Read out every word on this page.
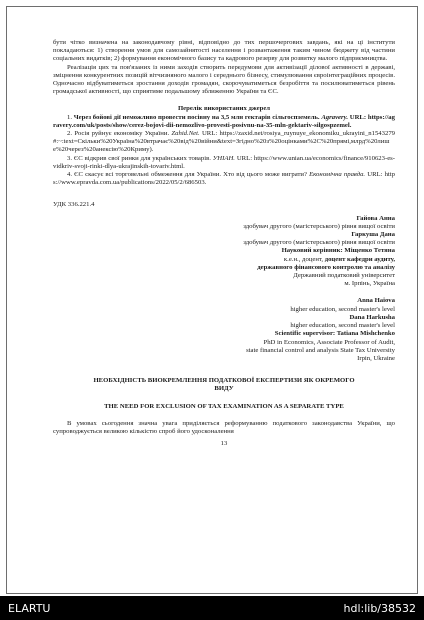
бути чітко визначена на законодавчому рівні, відповідно до тих першочергових завдань, які на ці інститути покладаються: 1) створення умов для самозайнятості населення і розвантаження таким чином бюджету від частини соціальних видатків; 2) формування економічного базису та кадрового резерву для розвитку малого підприємництва.

Реалізація цих та пов'язаних із ними заходів створить передумови для активізації ділової активності в державі, зміцнення конкурентних позицій вітчизняного малого і середнього бізнесу, стимулювання євроінтеграційних процесів. Одночасно відбуватиметься зростання доходів громадян, скорочуватиметься безробіття та посилюватиметься рівень громадської активності, що сприятиме подальшому зближенню України та ЄС.

Перелік використаних джерел

1. Через бойові дії неможливо провести посівну на 3,5 млн гектарів сільгоспземель. Agravery. URL: https://agravery.com/uk/posts/show/cerez-bojovi-dii-nemozlivo-provesti-posivnu-na-35-mln-gektariv-silgospzemel.

2. Росія руйнує економіку України. Zahid.Net. URL: https://zaxid.net/rosiya_ruynuye_ekonomiku_ukrayini_n1543279#:~:text=Скільки%20Україна%20втрачає%20від%20війни&text=Згідно%20з%20оцінками%2C%20прямі,млрд%20лише%20через%20анексію%20Криму).

3. ЄС відкрив свої ринки для українських товарів. УНІАН. URL: https://www.unian.ua/economics/finance/910623-es-vidkriv-svoji-rinki-dlya-ukrajinskih-tovariv.html.

4. ЄС скасує всі торговельні обмеження для України. Хто від цього може виграти? Економічна правда. URL: https://www.epravda.com.ua/publications/2022/05/2/686503.

УДК 336.221.4

Гайова Анна

здобувач другого (магістерського) рівня вищої освіти

Гаркуша Дана

здобувач другого (магістерського) рівня вищої освіти

Науковий керівник: Міщенко Тетяна

к.е.н., доцент, доцент кафедри аудиту,

державного фінансового контролю та аналізу

Державний податковий університет

м. Ірпінь, Україна

Anna Haiova

higher education, second master's level

Dana Harkusha

higher education, second master's level

Scientific supervisor: Tatiana Mishchenko

PhD in Economics, Associate Professor of Audit,

state financial control and analysis State Tax University

Irpin, Ukraine

НЕОБХІДНІСТЬ ВИОКРЕМЛЕННЯ ПОДАТКОВОЇ ЕКСПЕРТИЗИ ЯК ОКРЕМОГО ВИДУ

THE NEED FOR EXCLUSION OF TAX EXAMINATION AS A SEPARATE TYPE

В умовах сьогодення значна увага приділяється реформуванню податкового законодавства України, що супроводжується великою кількістю спроб його удосконалення

13

ELARTU	hdl:lib/38532
